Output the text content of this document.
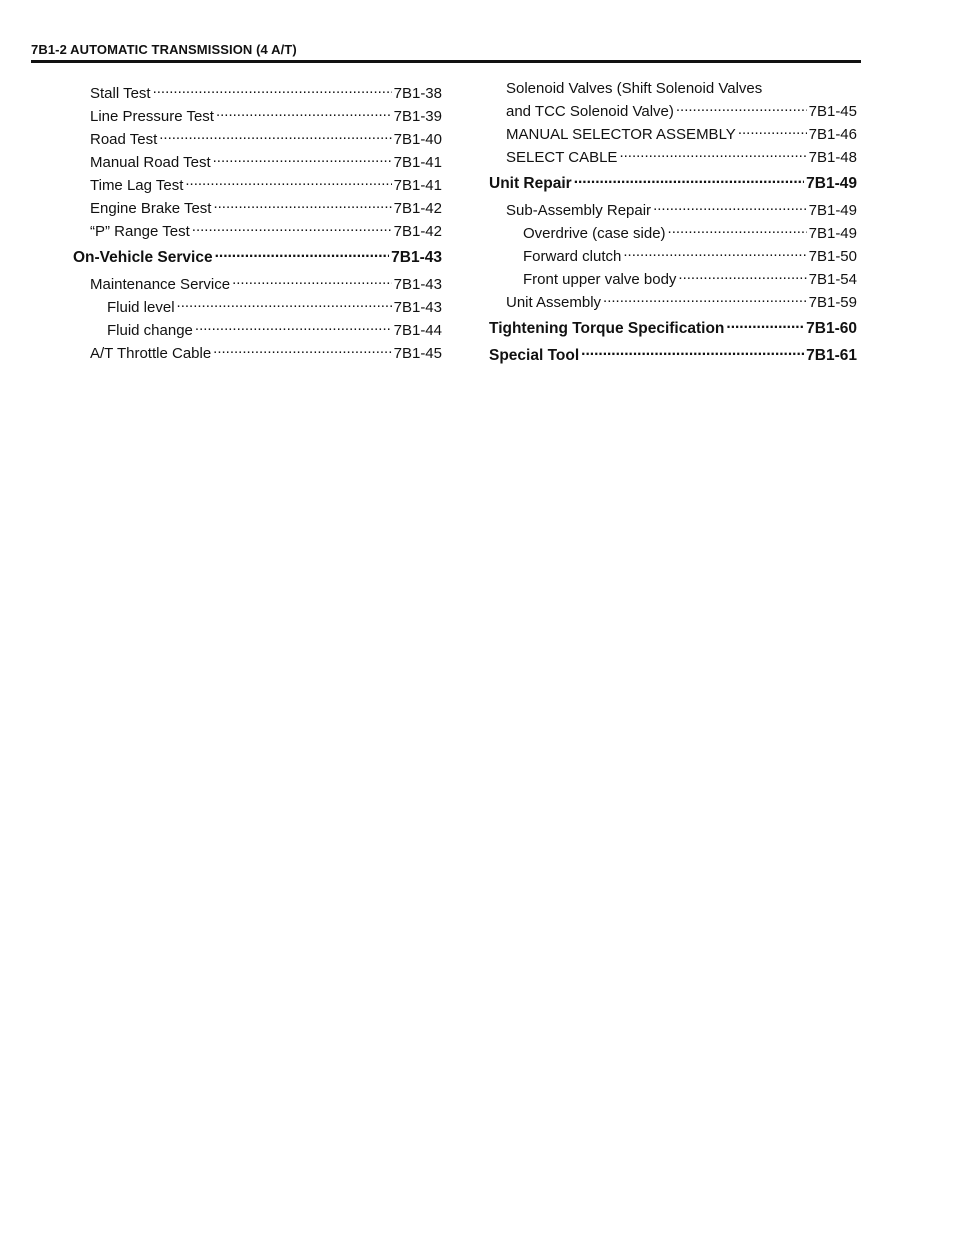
7B1-2 AUTOMATIC TRANSMISSION (4 A/T)
Stall Test .....	7B1-38
Line Pressure Test .....	7B1-39
Road Test .....	7B1-40
Manual Road Test .....	7B1-41
Time Lag Test .....	7B1-41
Engine Brake Test .....	7B1-42
“P” Range Test .....	7B1-42
On-Vehicle Service .....	7B1-43
Maintenance Service .....	7B1-43
Fluid level .....	7B1-43
Fluid change .....	7B1-44
A/T Throttle Cable .....	7B1-45
Solenoid Valves (Shift Solenoid Valves
and TCC Solenoid Valve) .....	7B1-45
MANUAL SELECTOR ASSEMBLY .....	7B1-46
SELECT CABLE .....	7B1-48
Unit Repair .....	7B1-49
Sub-Assembly Repair .....	7B1-49
Overdrive (case side) .....	7B1-49
Forward clutch .....	7B1-50
Front upper valve body .....	7B1-54
Unit Assembly .....	7B1-59
Tightening Torque Specification .....	7B1-60
Special Tool .....	7B1-61
